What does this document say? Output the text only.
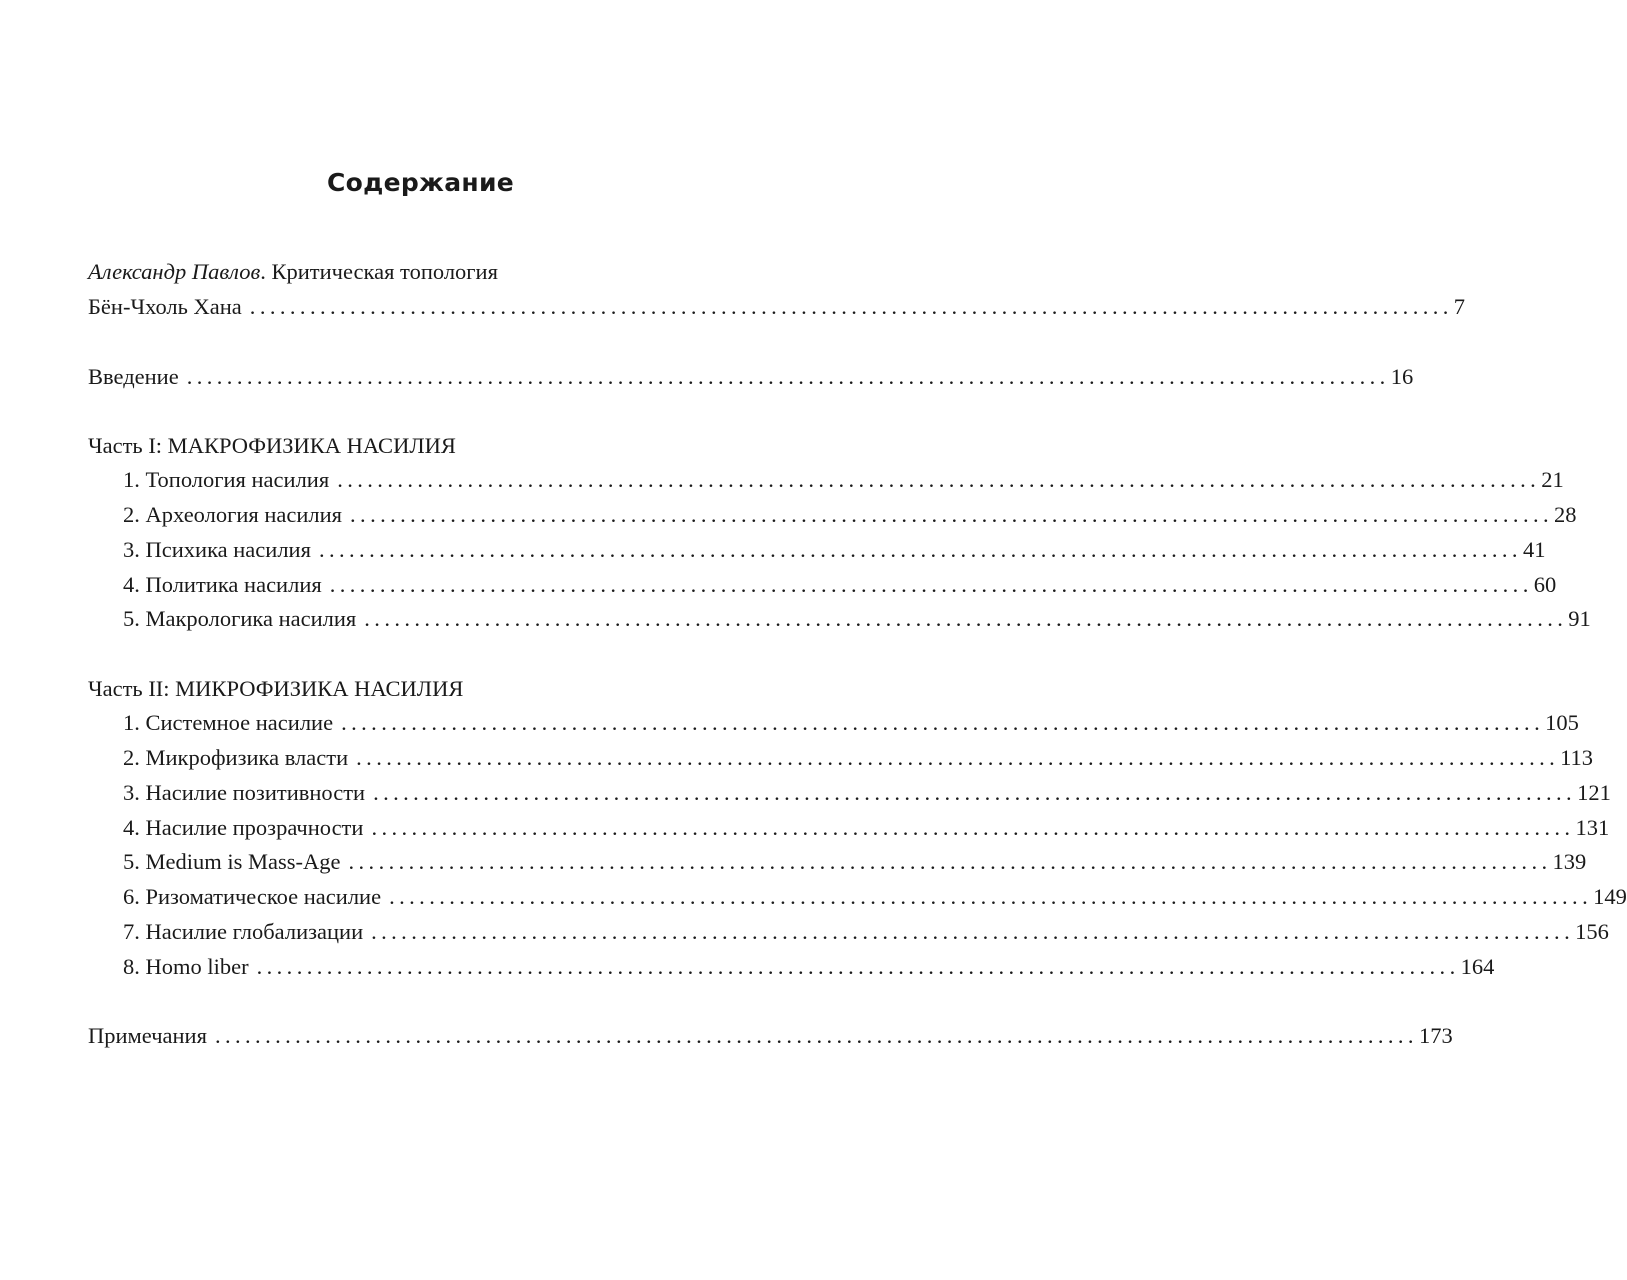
Содержание
Александр Павлов. Критическая топология
Бён-Чхоль Хана ........................................................................................................................ 7
Введение ........................................................................................................................ 16
Часть I: МАКРОФИЗИКА НАСИЛИЯ
1. Топология насилия ........................................................................................................................ 21
2. Археология насилия ........................................................................................................................ 28
3. Психика насилия ........................................................................................................................ 41
4. Политика насилия ........................................................................................................................ 60
5. Макрологика насилия ........................................................................................................................ 91
Часть II: МИКРОФИЗИКА НАСИЛИЯ
1. Системное насилие ........................................................................................................................ 105
2. Микрофизика власти ........................................................................................................................ 113
3. Насилие позитивности ........................................................................................................................ 121
4. Насилие прозрачности ........................................................................................................................ 131
5. Medium is Mass-Age ........................................................................................................................ 139
6. Ризоматическое насилие ........................................................................................................................ 149
7. Насилие глобализации ........................................................................................................................ 156
8. Homo liber ........................................................................................................................ 164
Примечания ........................................................................................................................ 173
